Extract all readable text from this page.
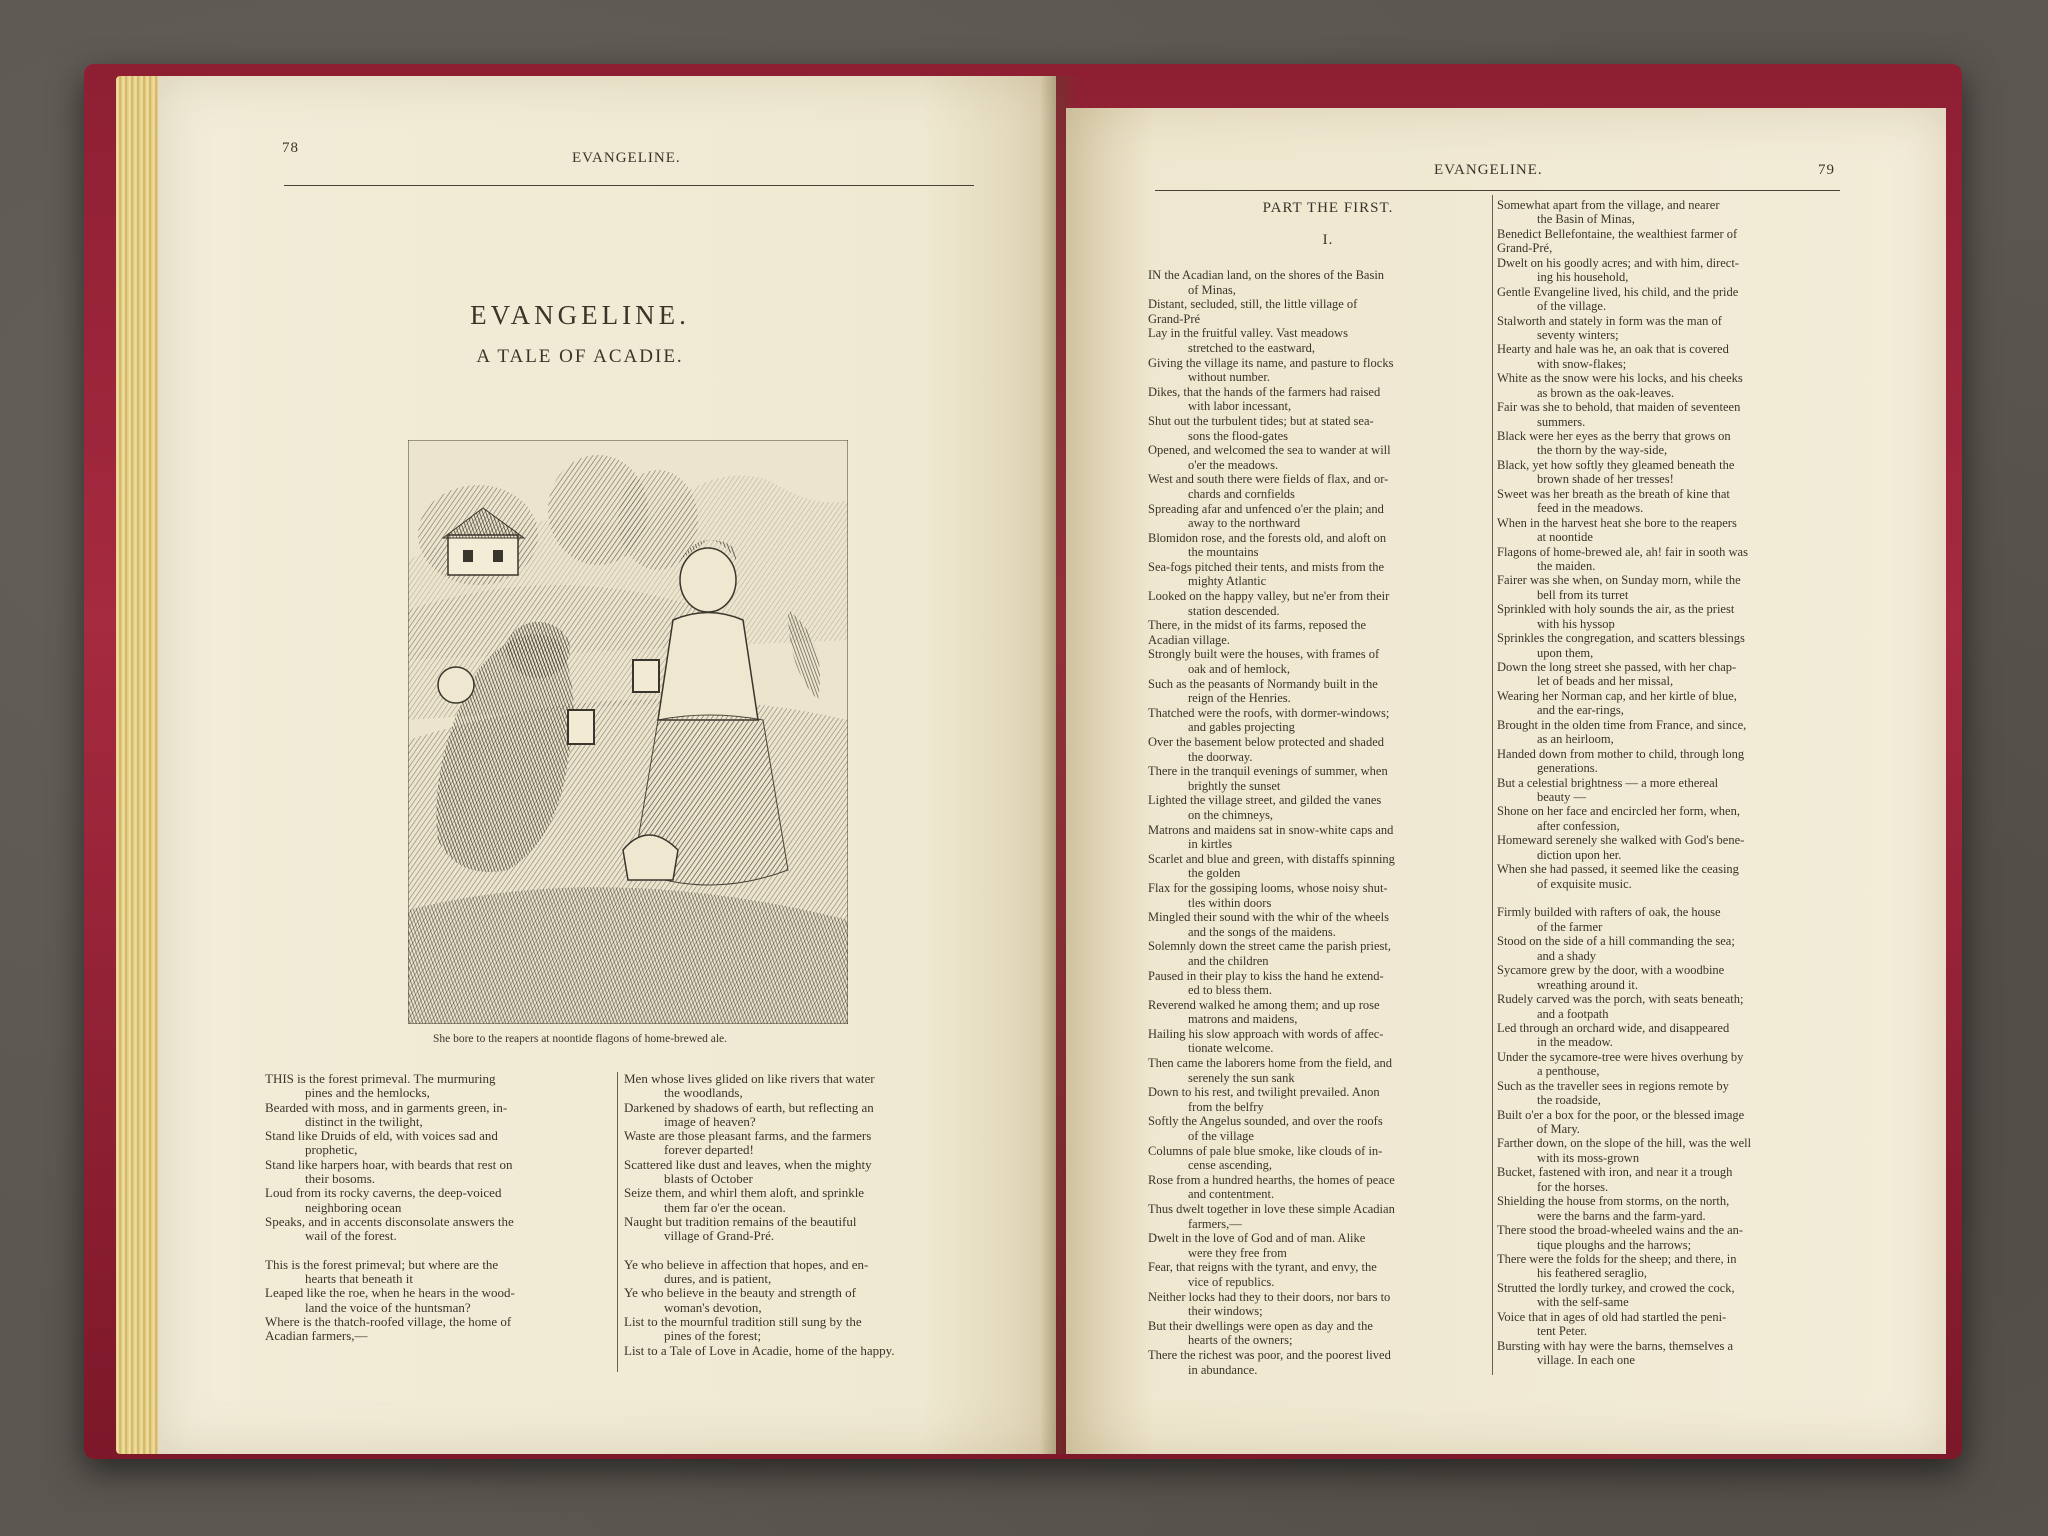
78
EVANGELINE.
EVANGELINE.
A TALE OF ACADIE.
She bore to the reapers at noontide flagons of home-brewed ale.
THIS is the forest primeval. The murmuring
pines and the hemlocks,
Bearded with moss, and in garments green, in-
distinct in the twilight,
Stand like Druids of eld, with voices sad and
prophetic,
Stand like harpers hoar, with beards that rest on
their bosoms.
Loud from its rocky caverns, the deep-voiced
neighboring ocean
Speaks, and in accents disconsolate answers the
wail of the forest.
This is the forest primeval; but where are the
hearts that beneath it
Leaped like the roe, when he hears in the wood-
land the voice of the huntsman?
Where is the thatch-roofed village, the home of
Acadian farmers,—
Men whose lives glided on like rivers that water
the woodlands,
Darkened by shadows of earth, but reflecting an
image of heaven?
Waste are those pleasant farms, and the farmers
forever departed!
Scattered like dust and leaves, when the mighty
blasts of October
Seize them, and whirl them aloft, and sprinkle
them far o'er the ocean.
Naught but tradition remains of the beautiful
village of Grand-Pré.
Ye who believe in affection that hopes, and en-
dures, and is patient,
Ye who believe in the beauty and strength of
woman's devotion,
List to the mournful tradition still sung by the
pines of the forest;
List to a Tale of Love in Acadie, home of the happy.
EVANGELINE.	79
PART THE FIRST.
I.
IN the Acadian land, on the shores of the Basin
of Minas,
Distant, secluded, still, the little village of
Grand-Pré
Lay in the fruitful valley. Vast meadows
stretched to the eastward,
Giving the village its name, and pasture to flocks
without number.
Dikes, that the hands of the farmers had raised
with labor incessant,
Shut out the turbulent tides; but at stated sea-
sons the flood-gates
Opened, and welcomed the sea to wander at will
o'er the meadows.
West and south there were fields of flax, and or-
chards and cornfields
Spreading afar and unfenced o'er the plain; and
away to the northward
Blomidon rose, and the forests old, and aloft on
the mountains
Sea-fogs pitched their tents, and mists from the
mighty Atlantic
Looked on the happy valley, but ne'er from their
station descended.
There, in the midst of its farms, reposed the
Acadian village.
Strongly built were the houses, with frames of
oak and of hemlock,
Such as the peasants of Normandy built in the
reign of the Henries.
Thatched were the roofs, with dormer-windows;
and gables projecting
Over the basement below protected and shaded
the doorway.
There in the tranquil evenings of summer, when
brightly the sunset
Lighted the village street, and gilded the vanes
on the chimneys,
Matrons and maidens sat in snow-white caps and
in kirtles
Scarlet and blue and green, with distaffs spinning
the golden
Flax for the gossiping looms, whose noisy shut-
tles within doors
Mingled their sound with the whir of the wheels
and the songs of the maidens.
Solemnly down the street came the parish priest,
and the children
Paused in their play to kiss the hand he extend-
ed to bless them.
Reverend walked he among them; and up rose
matrons and maidens,
Hailing his slow approach with words of affec-
tionate welcome.
Then came the laborers home from the field, and
serenely the sun sank
Down to his rest, and twilight prevailed. Anon
from the belfry
Softly the Angelus sounded, and over the roofs
of the village
Columns of pale blue smoke, like clouds of in-
cense ascending,
Rose from a hundred hearths, the homes of peace
and contentment.
Thus dwelt together in love these simple Acadian
farmers,—
Dwelt in the love of God and of man. Alike
were they free from
Fear, that reigns with the tyrant, and envy, the
vice of republics.
Neither locks had they to their doors, nor bars to
their windows;
But their dwellings were open as day and the
hearts of the owners;
There the richest was poor, and the poorest lived
in abundance.
Somewhat apart from the village, and nearer
the Basin of Minas,
Benedict Bellefontaine, the wealthiest farmer of
Grand-Pré,
Dwelt on his goodly acres; and with him, direct-
ing his household,
Gentle Evangeline lived, his child, and the pride
of the village.
Stalworth and stately in form was the man of
seventy winters;
Hearty and hale was he, an oak that is covered
with snow-flakes;
White as the snow were his locks, and his cheeks
as brown as the oak-leaves.
Fair was she to behold, that maiden of seventeen
summers.
Black were her eyes as the berry that grows on
the thorn by the way-side,
Black, yet how softly they gleamed beneath the
brown shade of her tresses!
Sweet was her breath as the breath of kine that
feed in the meadows.
When in the harvest heat she bore to the reapers
at noontide
Flagons of home-brewed ale, ah! fair in sooth was
the maiden.
Fairer was she when, on Sunday morn, while the
bell from its turret
Sprinkled with holy sounds the air, as the priest
with his hyssop
Sprinkles the congregation, and scatters blessings
upon them,
Down the long street she passed, with her chap-
let of beads and her missal,
Wearing her Norman cap, and her kirtle of blue,
and the ear-rings,
Brought in the olden time from France, and since,
as an heirloom,
Handed down from mother to child, through long
generations.
But a celestial brightness — a more ethereal
beauty —
Shone on her face and encircled her form, when,
after confession,
Homeward serenely she walked with God's bene-
diction upon her.
When she had passed, it seemed like the ceasing
of exquisite music.
Firmly builded with rafters of oak, the house
of the farmer
Stood on the side of a hill commanding the sea;
and a shady
Sycamore grew by the door, with a woodbine
wreathing around it.
Rudely carved was the porch, with seats beneath;
and a footpath
Led through an orchard wide, and disappeared
in the meadow.
Under the sycamore-tree were hives overhung by
a penthouse,
Such as the traveller sees in regions remote by
the roadside,
Built o'er a box for the poor, or the blessed image
of Mary.
Farther down, on the slope of the hill, was the well
with its moss-grown
Bucket, fastened with iron, and near it a trough
for the horses.
Shielding the house from storms, on the north,
were the barns and the farm-yard.
There stood the broad-wheeled wains and the an-
tique ploughs and the harrows;
There were the folds for the sheep; and there, in
his feathered seraglio,
Strutted the lordly turkey, and crowed the cock,
with the self-same
Voice that in ages of old had startled the peni-
tent Peter.
Bursting with hay were the barns, themselves a
village. In each one
